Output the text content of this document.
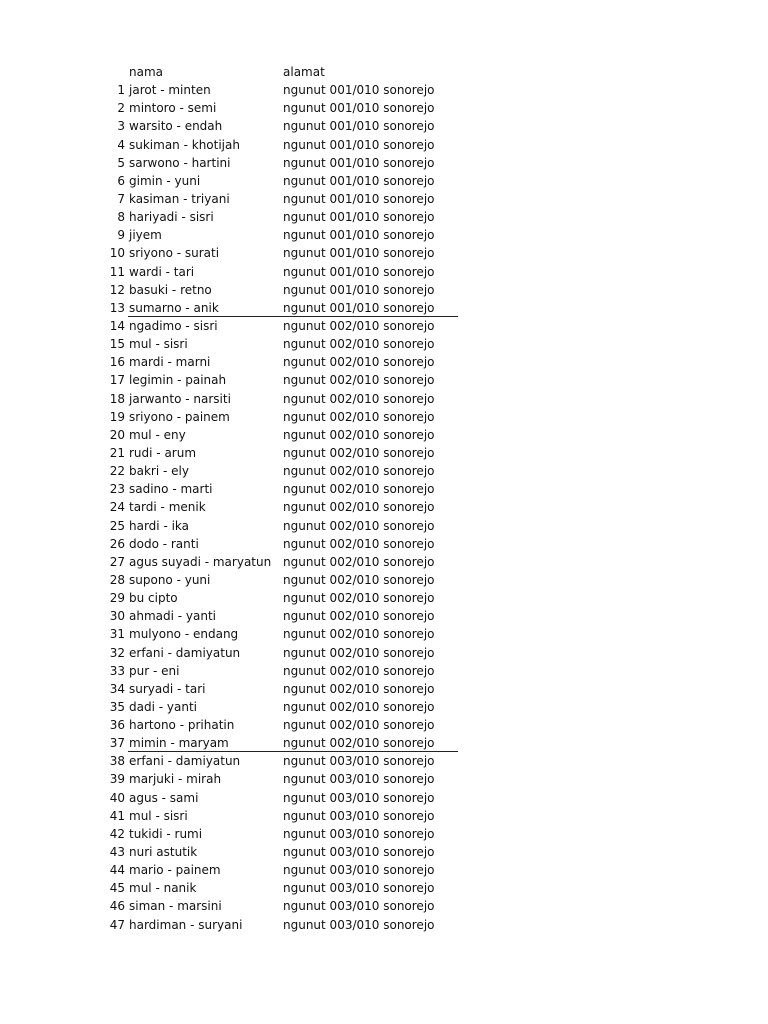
nama	alamat
1 jarot - minten	ngunut 001/010 sonorejo
2 mintoro - semi	ngunut 001/010 sonorejo
3 warsito - endah	ngunut 001/010 sonorejo
4 sukiman - khotijah	ngunut 001/010 sonorejo
5 sarwono - hartini	ngunut 001/010 sonorejo
6 gimin - yuni	ngunut 001/010 sonorejo
7 kasiman - triyani	ngunut 001/010 sonorejo
8 hariyadi - sisri	ngunut 001/010 sonorejo
9 jiyem	ngunut 001/010 sonorejo
10 sriyono - surati	ngunut 001/010 sonorejo
11 wardi - tari	ngunut 001/010 sonorejo
12 basuki - retno	ngunut 001/010 sonorejo
13 sumarno - anik	ngunut 001/010 sonorejo
14 ngadimo - sisri	ngunut 002/010 sonorejo
15 mul - sisri	ngunut 002/010 sonorejo
16 mardi - marni	ngunut 002/010 sonorejo
17 legimin - painah	ngunut 002/010 sonorejo
18 jarwanto - narsiti	ngunut 002/010 sonorejo
19 sriyono - painem	ngunut 002/010 sonorejo
20 mul - eny	ngunut 002/010 sonorejo
21 rudi - arum	ngunut 002/010 sonorejo
22 bakri - ely	ngunut 002/010 sonorejo
23 sadino - marti	ngunut 002/010 sonorejo
24 tardi - menik	ngunut 002/010 sonorejo
25 hardi - ika	ngunut 002/010 sonorejo
26 dodo - ranti	ngunut 002/010 sonorejo
27 agus suyadi - maryatun ngunut 002/010 sonorejo
28 supono - yuni	ngunut 002/010 sonorejo
29 bu cipto	ngunut 002/010 sonorejo
30 ahmadi - yanti	ngunut 002/010 sonorejo
31 mulyono - endang	ngunut 002/010 sonorejo
32 erfani - damiyatun	ngunut 002/010 sonorejo
33 pur - eni	ngunut 002/010 sonorejo
34 suryadi - tari	ngunut 002/010 sonorejo
35 dadi - yanti	ngunut 002/010 sonorejo
36 hartono - prihatin	ngunut 002/010 sonorejo
37 mimin - maryam	ngunut 002/010 sonorejo
38 erfani - damiyatun	ngunut 003/010 sonorejo
39 marjuki - mirah	ngunut 003/010 sonorejo
40 agus - sami	ngunut 003/010 sonorejo
41 mul - sisri	ngunut 003/010 sonorejo
42 tukidi - rumi	ngunut 003/010 sonorejo
43 nuri astutik	ngunut 003/010 sonorejo
44 mario - painem	ngunut 003/010 sonorejo
45 mul - nanik	ngunut 003/010 sonorejo
46 siman - marsini	ngunut 003/010 sonorejo
47 hardiman - suryani	ngunut 003/010 sonorejo
